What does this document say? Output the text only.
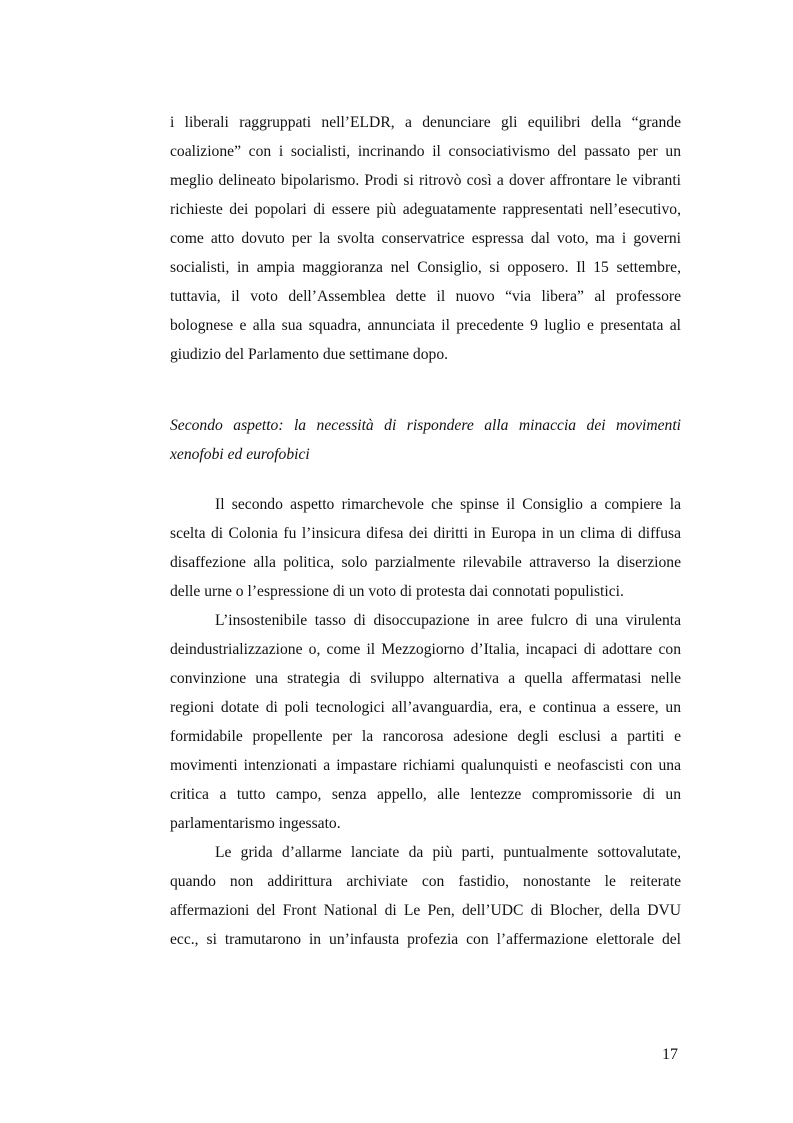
i liberali raggruppati nell’ELDR, a denunciare gli equilibri della “grande
coalizione” con i socialisti, incrinando il consociativismo del passato per un
meglio delineato bipolarismo. Prodi si ritrovò così a dover affrontare le vibranti
richieste dei popolari di essere più adeguatamente rappresentati nell’esecutivo,
come atto dovuto per la svolta conservatrice espressa dal voto, ma i governi
socialisti, in ampia maggioranza nel Consiglio, si opposero. Il 15 settembre,
tuttavia, il voto dell’Assemblea dette il nuovo “via libera” al professore
bolognese e alla sua squadra, annunciata il precedente 9 luglio e presentata al
giudizio del Parlamento due settimane dopo.
Secondo aspetto: la necessità di rispondere alla minaccia dei movimenti
xenofobi ed eurofobici
Il secondo aspetto rimarchevole che spinse il Consiglio a compiere la
scelta di Colonia fu l’insicura difesa dei diritti in Europa in un clima di diffusa
disaffezione alla politica, solo parzialmente rilevabile attraverso la diserzione
delle urne o l’espressione di un voto di protesta dai connotati populistici.
L’insostenibile tasso di disoccupazione in aree fulcro di una virulenta
deindustrializzazione o, come il Mezzogiorno d’Italia, incapaci di adottare con
convinzione una strategia di sviluppo alternativa a quella affermatasi nelle
regioni dotate di poli tecnologici all’avanguardia, era, e continua a essere, un
formidabile propellente per la rancorosa adesione degli esclusi a partiti e
movimenti intenzionati a impastare richiami qualunquisti e neofascisti con una
critica a tutto campo, senza appello, alle lentezze compromissorie di un
parlamentarismo ingessato.
Le grida d’allarme lanciate da più parti, puntualmente sottovalutate,
quando non addirittura archiviate con fastidio, nonostante le reiterate
affermazioni del Front National di Le Pen, dell’UDC di Blocher, della DVU
ecc., si tramutarono in un’infausta profezia con l’affermazione elettorale del
17
